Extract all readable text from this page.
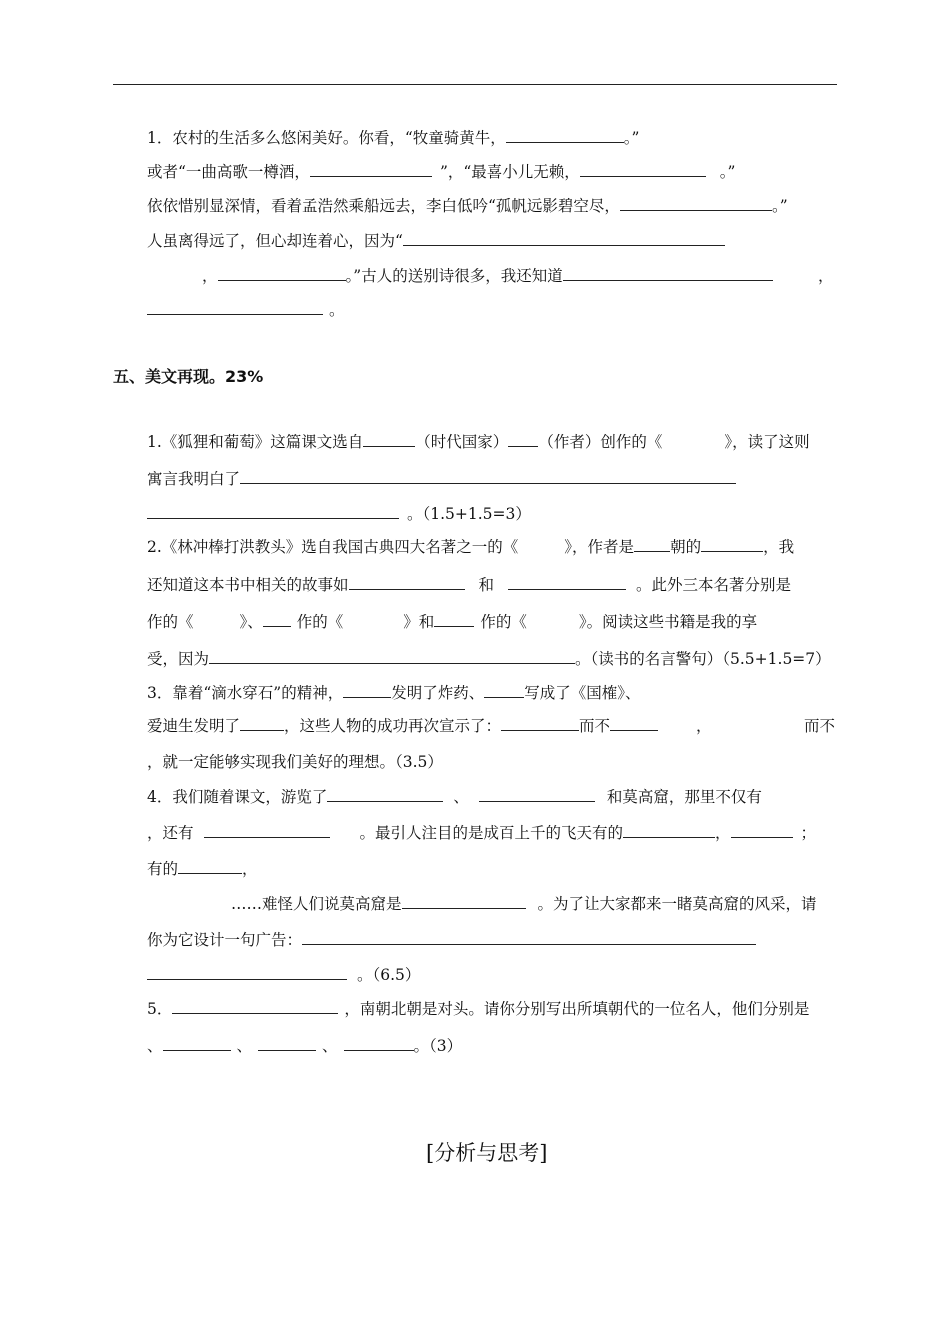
1．农村的生活多么悠闲美好。你看，“牧童骑黄牛，	。”
或者“一曲高歌一樽酒，	”，“最喜小儿无赖，	。”
依依惜别显深情，看着孟浩然乘船远去，李白低吟“孤帆远影碧空尽，	。”
人虽离得远了，但心却连着心，因为“
，	。”古人的送别诗很多，我还知道	，
。
五、美文再现。23%
1.《狐狸和葡萄》这篇课文选自	（时代国家） （作者）创作的《	》，读了这则
寓言我明白了
。（1.5+1.5=3）
2.《林冲棒打洪教头》选自我国古典四大名著之一的《	》，作者是 朝的	，我
还知道这本书中相关的故事如	和	。此外三本名著分别是
作的《	》、 作的《	》和	作的《	》。阅读这些书籍是我的享
受，因为	。（读书的名言警句）（5.5+1.5=7）
3．靠着“滴水穿石”的精神，	发明了炸药、	写成了《国榷》、
爱迪生发明了	，这些人物的成功再次宣示了：	而不	，	而不
，就一定能够实现我们美好的理想。（3.5）
4．我们随着课文，游览了	、	和莫高窟，那里不仅有
，还有	。最引人注目的是成百上千的飞天有的	，	；
有的	，
……难怪人们说莫高窟是	。为了让大家都来一睹莫高窟的风采，请
你为它设计一句广告：
。（6.5）
5．	，南朝北朝是对头。请你分别写出所填朝代的一位名人，他们分别是
、	、	、	。（3）
[分析与思考]
